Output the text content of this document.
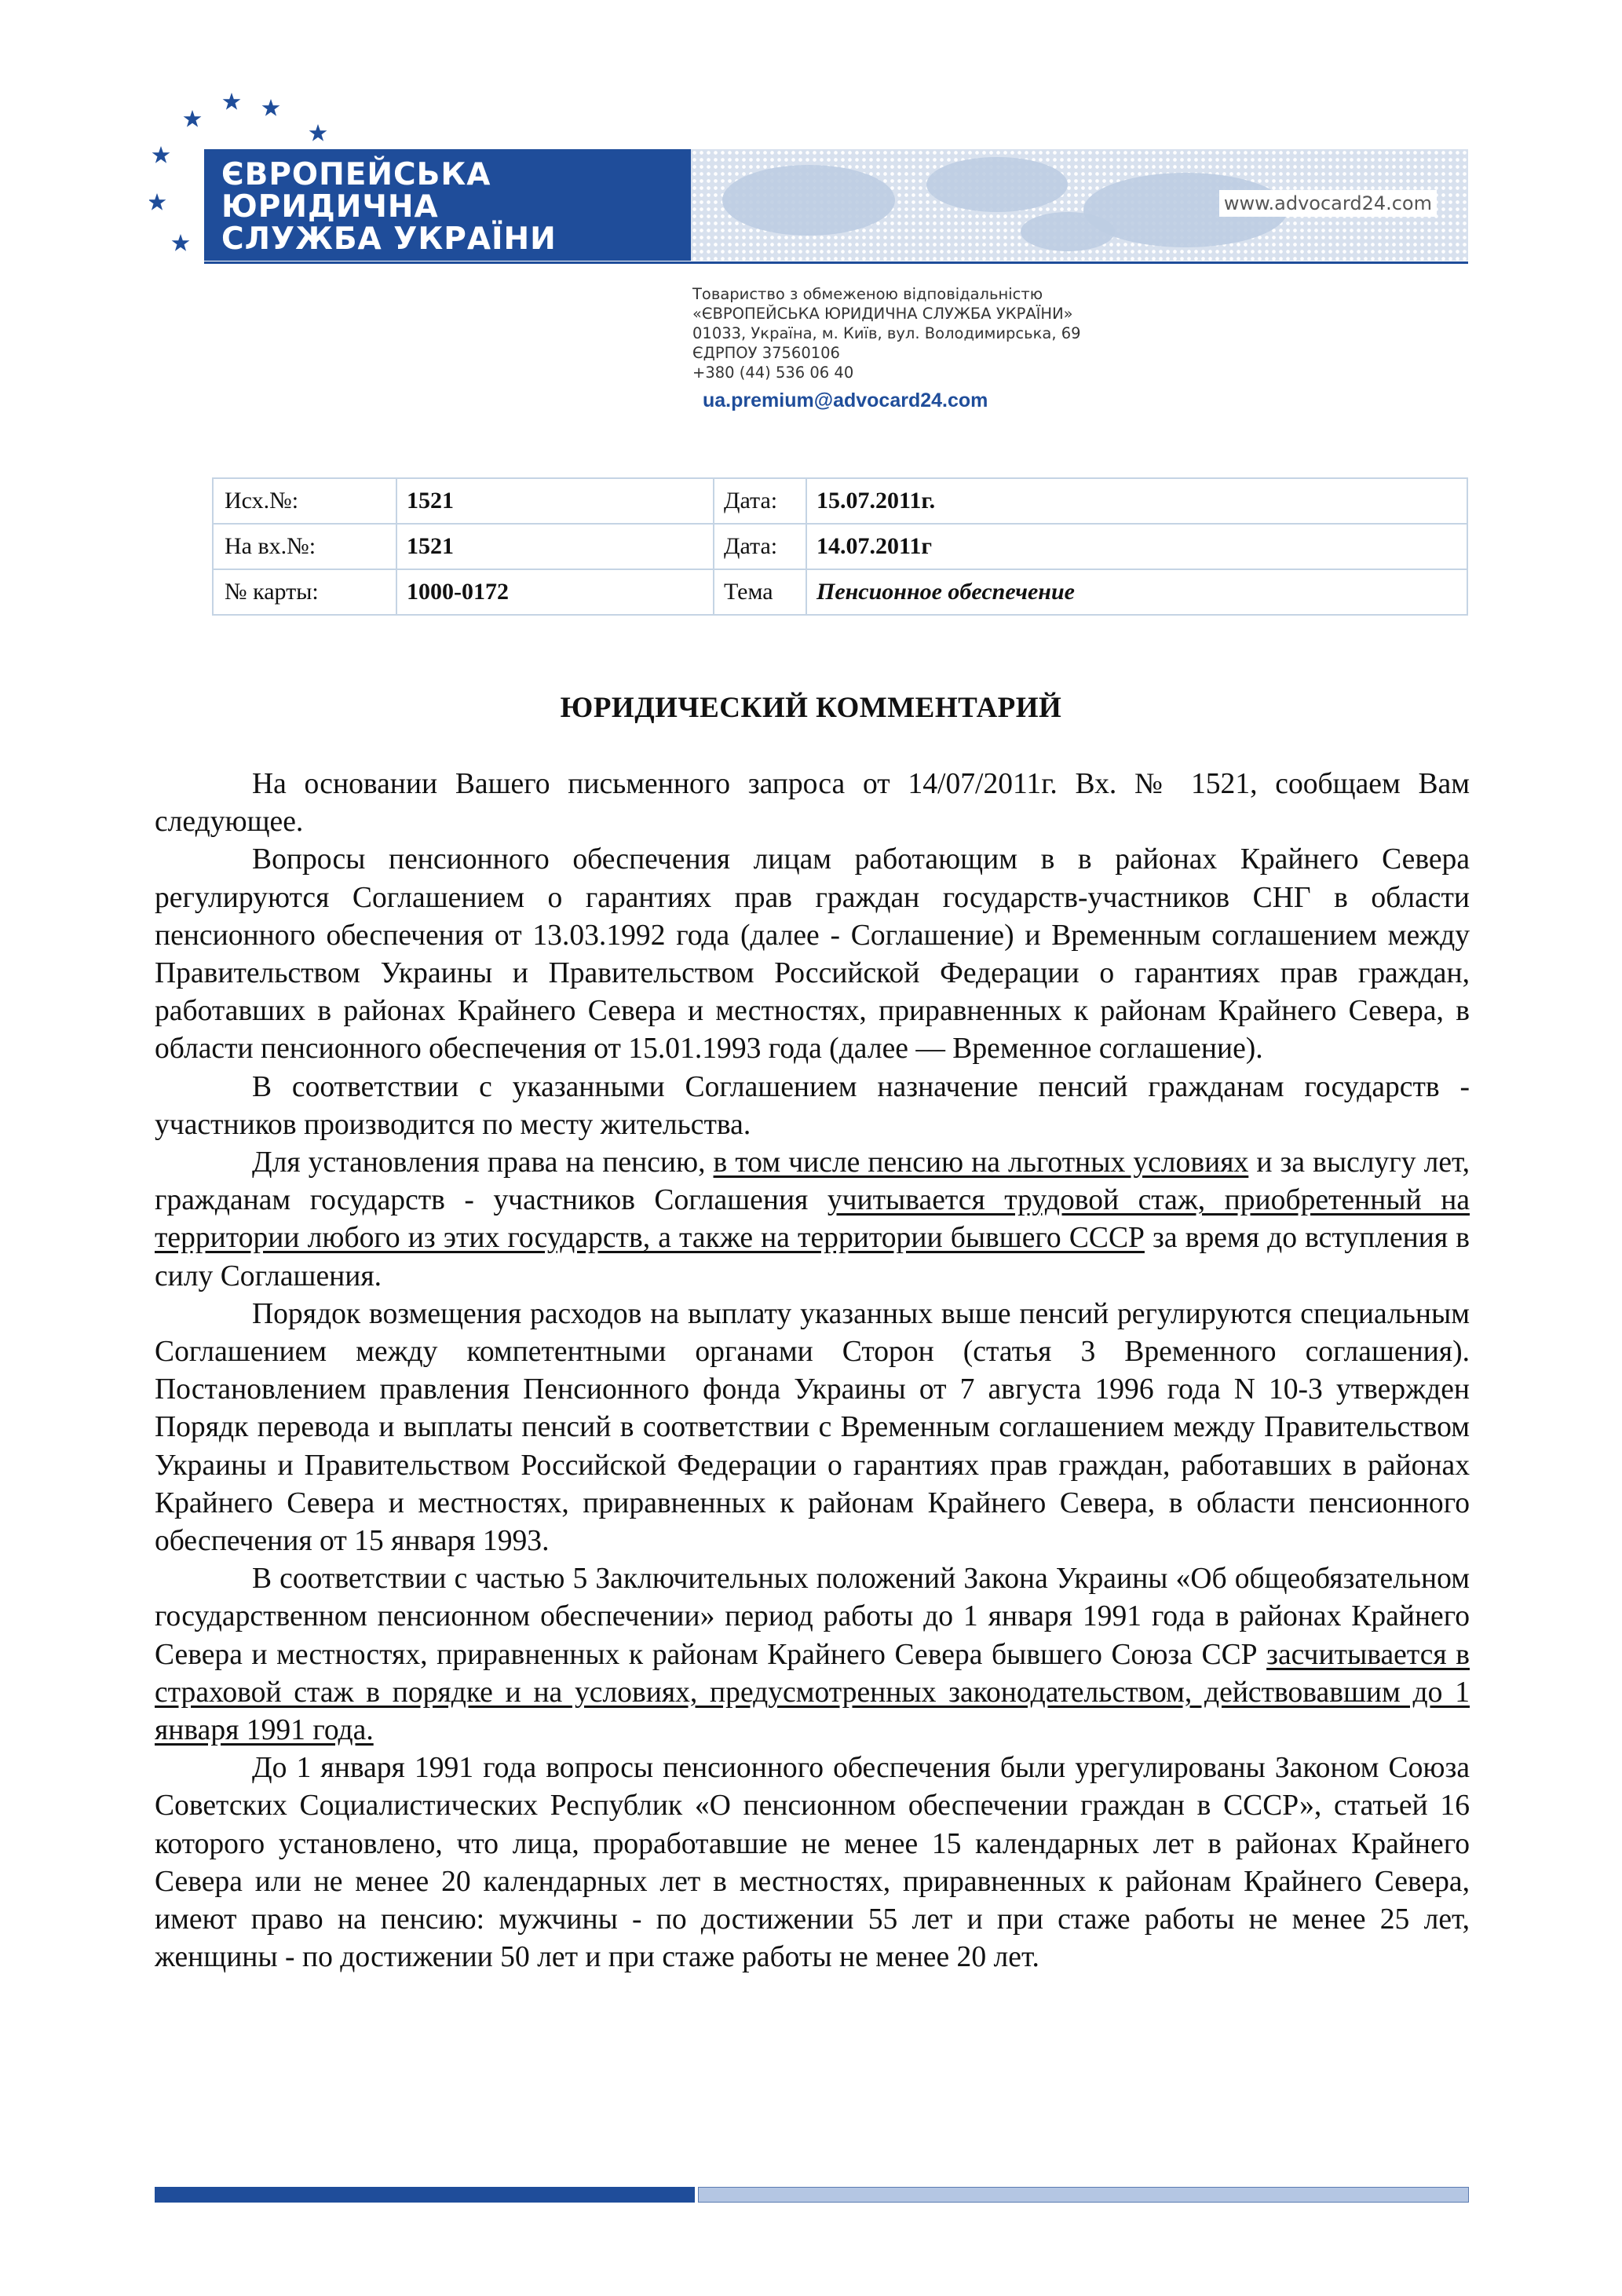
ЄВРОПЕЙСЬКА
ЮРИДИЧНА
СЛУЖБА УКРАЇНИ
www.advocard24.com
Товариство з обмеженою відповідальністю
«ЄВРОПЕЙСЬКА ЮРИДИЧНА СЛУЖБА УКРАЇНИ»
01033, Україна, м. Київ, вул. Володимирська, 69
ЄДРПОУ 37560106
+380 (44) 536 06 40
ua.premium@advocard24.com
Исх.№:	1521	Дата:	15.07.2011г.
На вх.№:	1521	Дата:	14.07.2011г
№ карты:	1000-0172	Тема	Пенсионное обеспечение
ЮРИДИЧЕСКИЙ КОММЕНТАРИЙ

На основании Вашего письменного запроса от 14/07/2011г. Вх. № 1521, сообщаем Вам следующее.

Вопросы пенсионного обеспечения лицам работающим в в районах Крайнего Севера регулируются Соглашением о гарантиях прав граждан государств-участников СНГ в области пенсионного обеспечения от 13.03.1992 года (далее - Соглашение) и Временным соглашением между Правительством Украины и Правительством Российской Федерации о гарантиях прав граждан, работавших в районах Крайнего Севера и местностях, приравненных к районам Крайнего Севера, в области пенсионного обеспечения от 15.01.1993 года (далее — Временное соглашение).

В соответствии с указанными Соглашением назначение пенсий гражданам государств - участников производится по месту жительства.

Для установления права на пенсию, в том числе пенсию на льготных условиях и за выслугу лет, гражданам государств - участников Соглашения учитывается трудовой стаж, приобретенный на территории любого из этих государств, а также на территории бывшего СССР за время до вступления в силу Соглашения.

Порядок возмещения расходов на выплату указанных выше пенсий регулируются специальным Соглашением между компетентными органами Сторон (статья 3 Временного соглашения). Постановлением правления Пенсионного фонда Украины от 7 августа 1996 года N 10-3 утвержден Порядк перевода и выплаты пенсий в соответствии с Временным соглашением между Правительством Украины и Правительством Российской Федерации о гарантиях прав граждан, работавших в районах Крайнего Севера и местностях, приравненных к районам Крайнего Севера, в области пенсионного обеспечения от 15 января 1993.

В соответствии с частью 5 Заключительных положений Закона Украины «Об общеобязательном государственном пенсионном обеспечении» период работы до 1 января 1991 года в районах Крайнего Севера и местностях, приравненных к районам Крайнего Севера бывшего Союза ССР засчитывается в страховой стаж в порядке и на условиях, предусмотренных законодательством, действовавшим до 1 января 1991 года.

До 1 января 1991 года вопросы пенсионного обеспечения были урегулированы Законом Союза Советских Социалистических Республик «О пенсионном обеспечении граждан в СССР», статьей 16 которого установлено, что лица, проработавшие не менее 15 календарных лет в районах Крайнего Севера или не менее 20 календарных лет в местностях, приравненных к районам Крайнего Севера, имеют право на пенсию: мужчины - по достижении 55 лет и при стаже работы не менее 25 лет, женщины - по достижении 50 лет и при стаже работы не менее 20 лет.
